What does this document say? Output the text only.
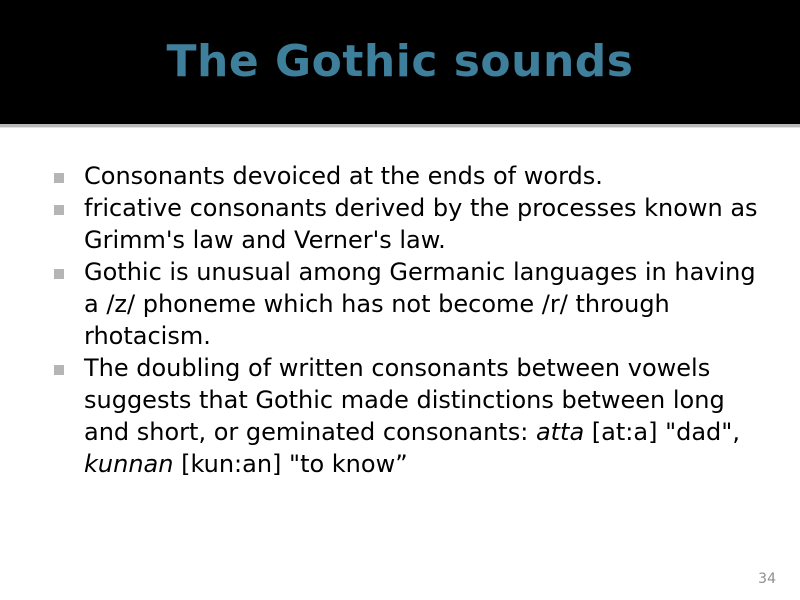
The Gothic sounds
Consonants devoiced at the ends of words.
fricative consonants derived by the processes known as Grimm's law and Verner's law.
Gothic is unusual among Germanic languages in having a /z/ phoneme which has not become /r/ through rhotacism.
The doubling of written consonants between vowels suggests that Gothic made distinctions between long and short, or geminated consonants: atta [at:a] "dad", kunnan [kun:an] "to know”
34
